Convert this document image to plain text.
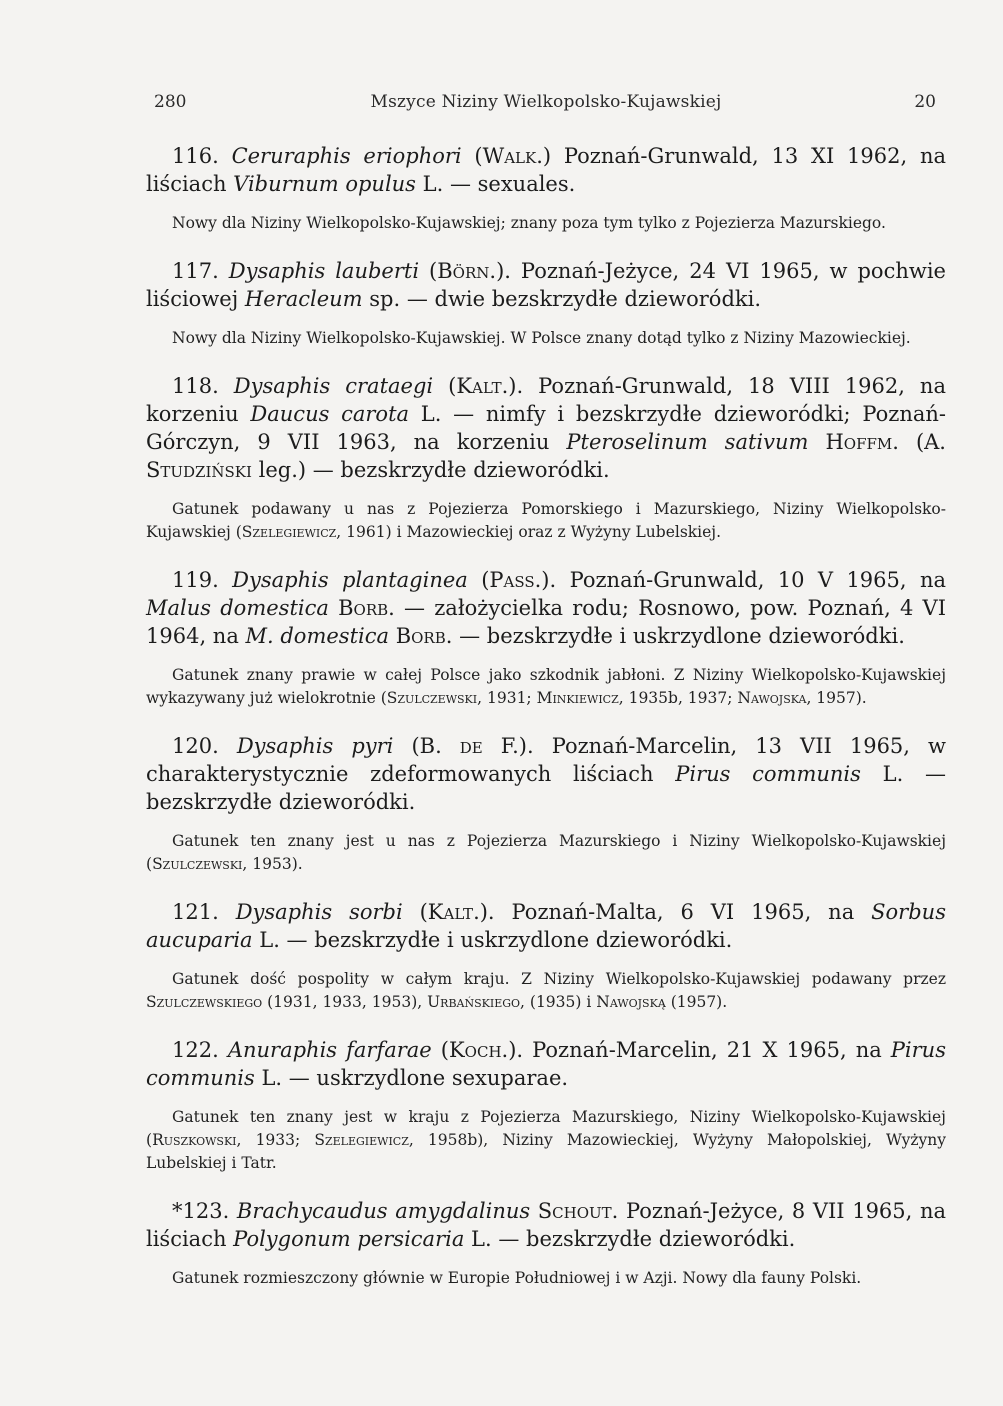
280	Mszyce Niziny Wielkopolsko-Kujawskiej	20

116. Ceruraphis eriophori (Walk.) Poznań-Grunwald, 13 XI 1962, na liściach Viburnum opulus L. — sexuales.

Nowy dla Niziny Wielkopolsko-Kujawskiej; znany poza tym tylko z Pojezierza Mazurskiego.

117. Dysaphis lauberti (Börn.). Poznań-Jeżyce, 24 VI 1965, w pochwie liściowej Heracleum sp. — dwie bezskrzydłe dzieworódki.

Nowy dla Niziny Wielkopolsko-Kujawskiej. W Polsce znany dotąd tylko z Niziny Mazowieckiej.

118. Dysaphis crataegi (Kalt.). Poznań-Grunwald, 18 VIII 1962, na korzeniu Daucus carota L. — nimfy i bezskrzydłe dzieworódki; Poznań-Górczyn, 9 VII 1963, na korzeniu Pteroselinum sativum Hoffm. (A. Studziński leg.) — bezskrzydłe dzieworódki.

Gatunek podawany u nas z Pojezierza Pomorskiego i Mazurskiego, Niziny Wielkopolsko-Kujawskiej (Szelegiewicz, 1961) i Mazowieckiej oraz z Wyżyny Lubelskiej.

119. Dysaphis plantaginea (Pass.). Poznań-Grunwald, 10 V 1965, na Malus domestica Borb. — założycielka rodu; Rosnowo, pow. Poznań, 4 VI 1964, na M. domestica Borb. — bezskrzydłe i uskrzydlone dzieworódki.

Gatunek znany prawie w całej Polsce jako szkodnik jabłoni. Z Niziny Wielkopolsko-Kujawskiej wykazywany już wielokrotnie (Szulczewski, 1931; Minkiewicz, 1935b, 1937; Nawojska, 1957).

120. Dysaphis pyri (B. de F.). Poznań-Marcelin, 13 VII 1965, w charakterystycznie zdeformowanych liściach Pirus communis L. — bezskrzydłe dzieworódki.

Gatunek ten znany jest u nas z Pojezierza Mazurskiego i Niziny Wielkopolsko-Kujawskiej (Szulczewski, 1953).

121. Dysaphis sorbi (Kalt.). Poznań-Malta, 6 VI 1965, na Sorbus aucuparia L. — bezskrzydłe i uskrzydlone dzieworódki.

Gatunek dość pospolity w całym kraju. Z Niziny Wielkopolsko-Kujawskiej podawany przez Szulczewskiego (1931, 1933, 1953), Urbańskiego, (1935) i Nawojską (1957).

122. Anuraphis farfarae (Koch.). Poznań-Marcelin, 21 X 1965, na Pirus communis L. — uskrzydlone sexuparae.

Gatunek ten znany jest w kraju z Pojezierza Mazurskiego, Niziny Wielkopolsko-Kujawskiej (Ruszkowski, 1933; Szelegiewicz, 1958b), Niziny Mazowieckiej, Wyżyny Małopolskiej, Wyżyny Lubelskiej i Tatr.

*123. Brachycaudus amygdalinus Schout. Poznań-Jeżyce, 8 VII 1965, na liściach Polygonum persicaria L. — bezskrzydłe dzieworódki.

Gatunek rozmieszczony głównie w Europie Południowej i w Azji. Nowy dla fauny Polski.
